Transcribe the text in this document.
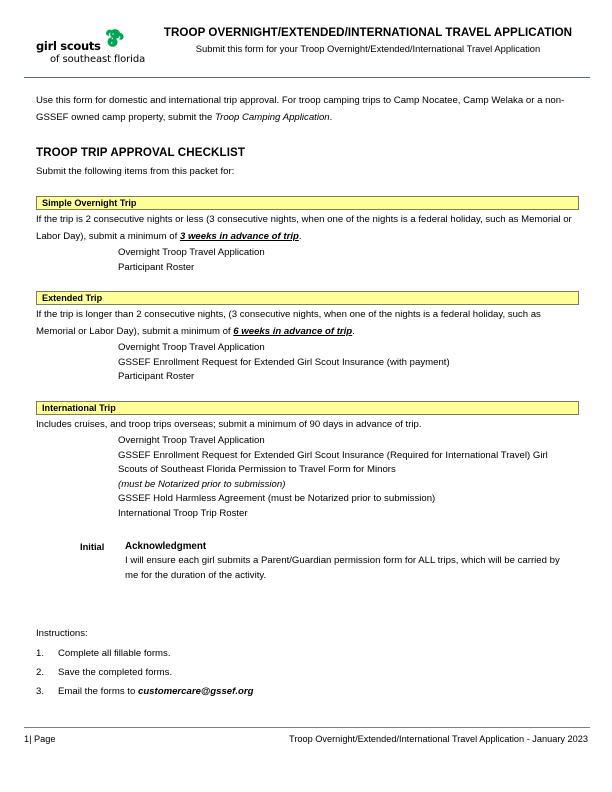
girl scouts
of southeast florida
TROOP OVERNIGHT/EXTENDED/INTERNATIONAL TRAVEL APPLICATION
Submit this form for your Troop Overnight/Extended/International Travel Application

Use this form for domestic and international trip approval. For troop camping trips to Camp Nocatee, Camp Welaka or a non-GSSEF owned camp property, submit the Troop Camping Application.

TROOP TRIP APPROVAL CHECKLIST
Submit the following items from this packet for:
Simple Overnight Trip
If the trip is 2 consecutive nights or less (3 consecutive nights, when one of the nights is a federal holiday, such as Memorial or Labor Day), submit a minimum of 3 weeks in advance of trip.
Overnight Troop Travel Application
Participant Roster
Extended Trip
If the trip is longer than 2 consecutive nights, (3 consecutive nights, when one of the nights is a federal holiday, such as Memorial or Labor Day), submit a minimum of 6 weeks in advance of trip.
Overnight Troop Travel Application
GSSEF Enrollment Request for Extended Girl Scout Insurance (with payment)
Participant Roster
International Trip
Includes cruises, and troop trips overseas; submit a minimum of 90 days in advance of trip.
Overnight Troop Travel Application
GSSEF Enrollment Request for Extended Girl Scout Insurance (Required for International Travel) Girl
Scouts of Southeast Florida Permission to Travel Form for Minors
(must be Notarized prior to submission)
GSSEF Hold Harmless Agreement (must be Notarized prior to submission)
International Troop Trip Roster
Initial	Acknowledgment
I will ensure each girl submits a Parent/Guardian permission form for ALL trips, which will be carried by me for the duration of the activity.
Instructions:
1.	Complete all fillable forms.
2.	Save the completed forms.
3.	Email the forms to customercare@gssef.org
1| Page	Troop Overnight/Extended/International Travel Application - January 2023
